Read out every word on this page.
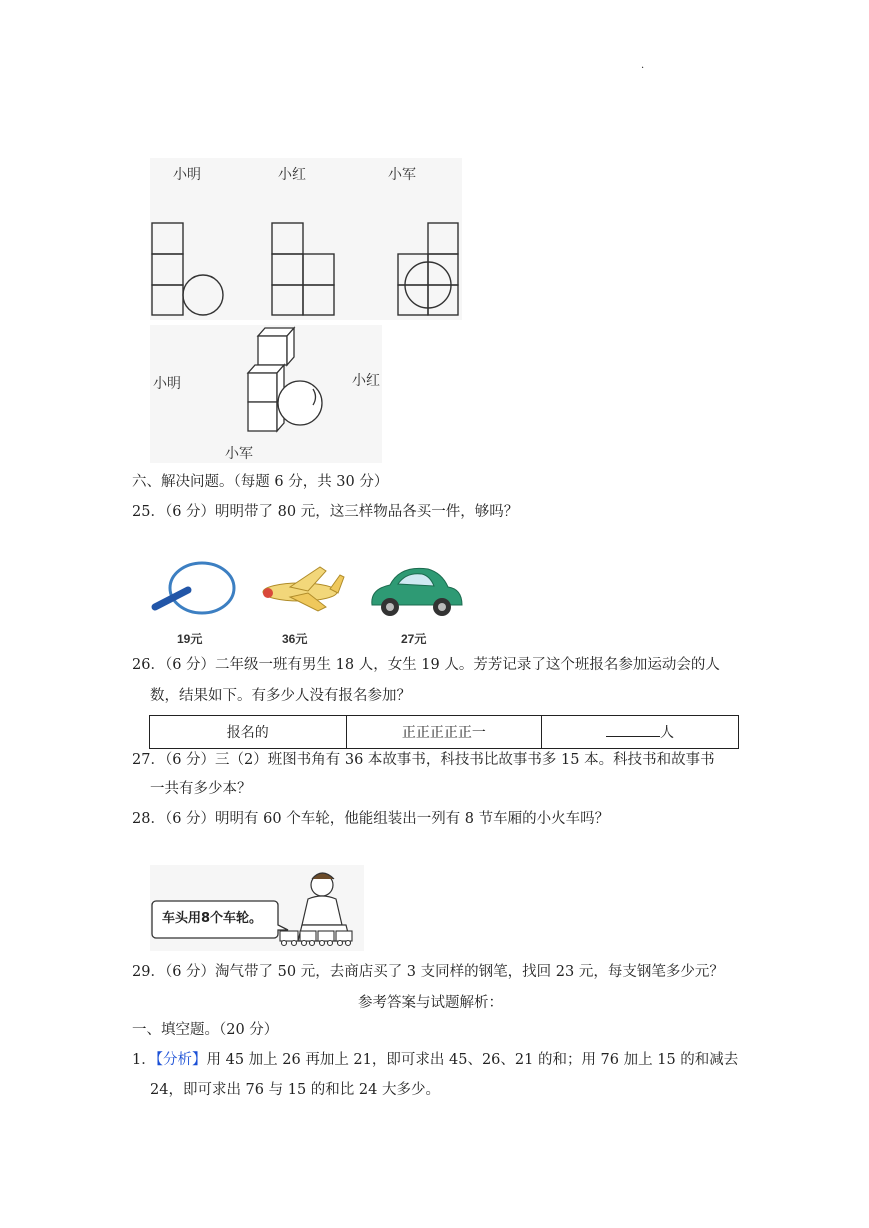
.
小明	小红	小军
小明	小红
小军
六、解决问题。（每题 6 分，共 30 分）
25．（6 分）明明带了 80 元，这三样物品各买一件，够吗？
19元	36元	27元
26．（6 分）二年级一班有男生 18 人，女生 19 人。芳芳记录了这个班报名参加运动会的人
数，结果如下。有多少人没有报名参加？
报名的	正正正正正一	人
27．（6 分）三（2）班图书角有 36 本故事书，科技书比故事书多 15 本。科技书和故事书
一共有多少本？
28．（6 分）明明有 60 个车轮，他能组装出一列有 8 节车厢的小火车吗？
车头用8个车轮。
29．（6 分）淘气带了 50 元，去商店买了 3 支同样的钢笔，找回 23 元，每支钢笔多少元？
参考答案与试题解析：
一、填空题。（20 分）
1．【分析】用 45 加上 26 再加上 21，即可求出 45、26、21 的和；用 76 加上 15 的和减去
24，即可求出 76 与 15 的和比 24 大多少。
